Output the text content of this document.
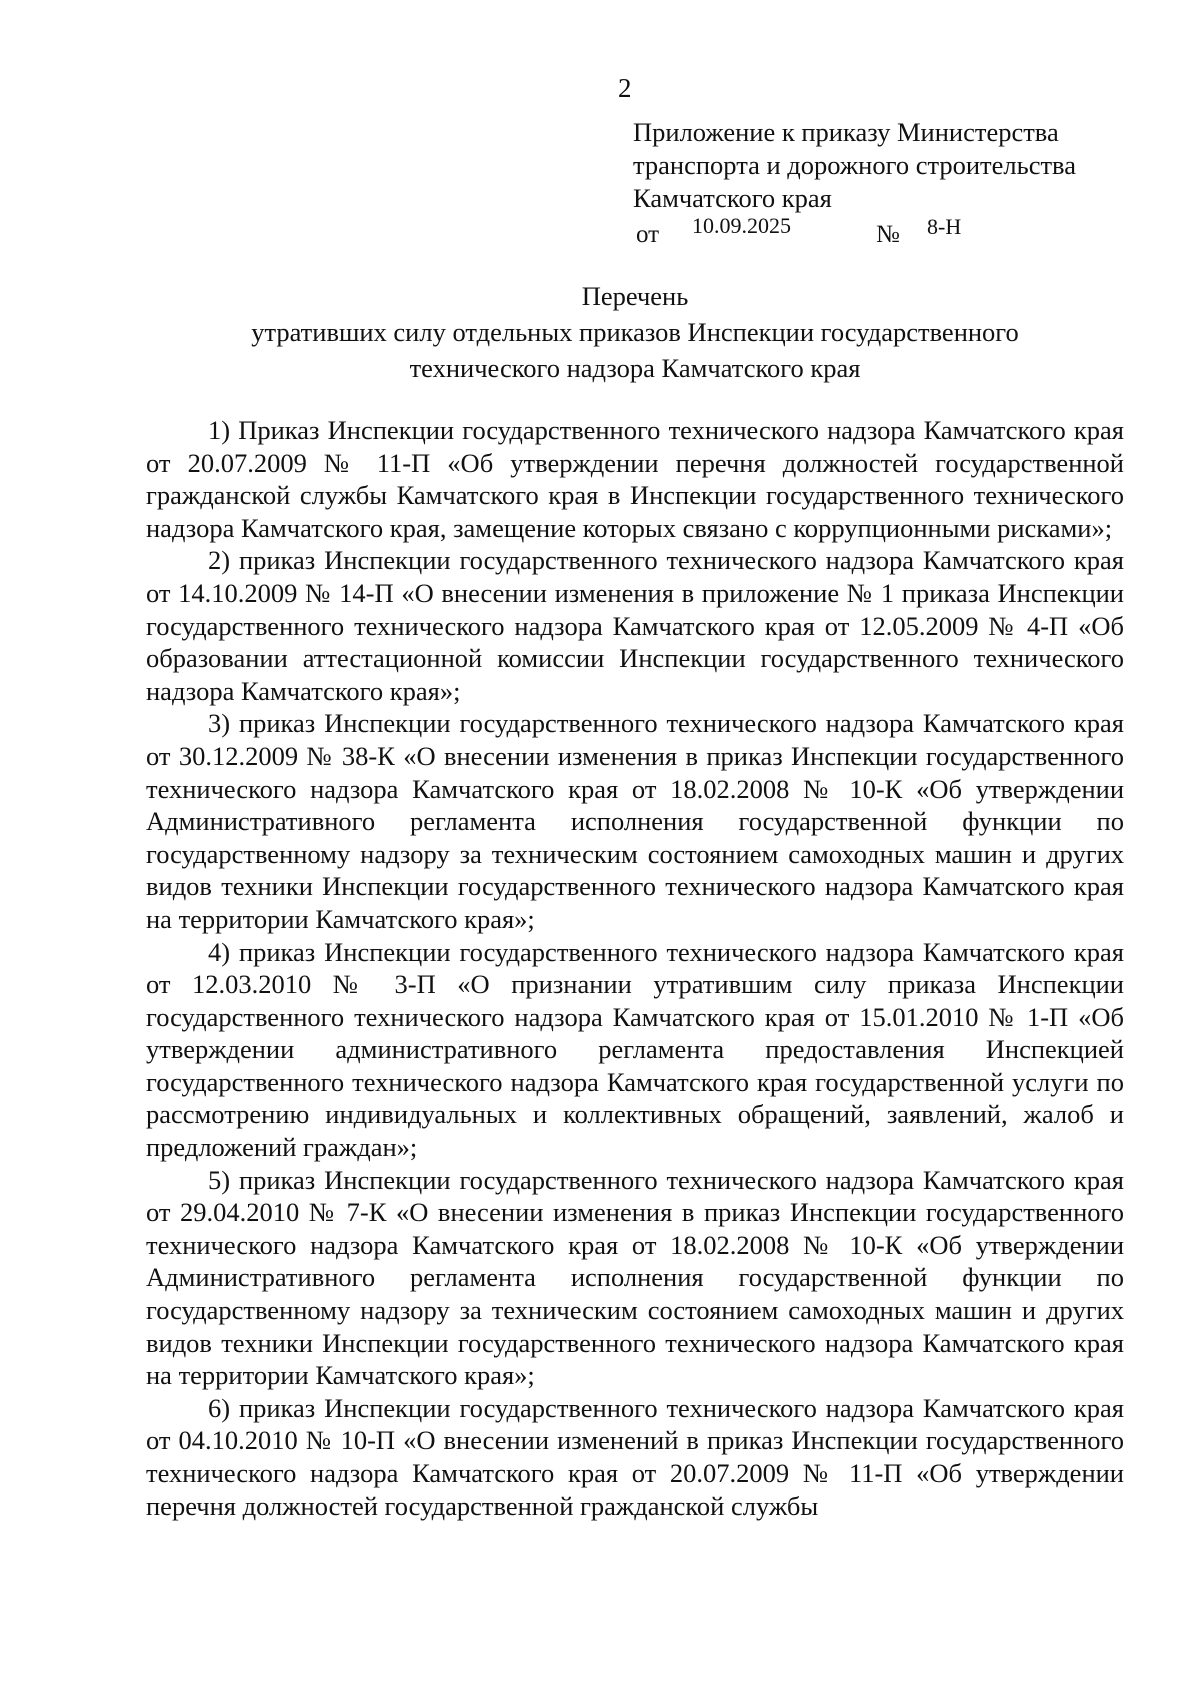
2
Приложение к приказу Министерства
транспорта и дорожного строительства
Камчатского края
от 10.09.2025	№ 8-Н
Перечень
утративших силу отдельных приказов Инспекции государственного
технического надзора Камчатского края

1) Приказ Инспекции государственного технического надзора Камчатского края от 20.07.2009 № 11-П «Об утверждении перечня должностей государственной гражданской службы Камчатского края в Инспекции государственного технического надзора Камчатского края, замещение которых связано с коррупционными рисками»;

2) приказ Инспекции государственного технического надзора Камчатского края от 14.10.2009 № 14-П «О внесении изменения в приложение № 1 приказа Инспекции государственного технического надзора Камчатского края от 12.05.2009 № 4-П «Об образовании аттестационной комиссии Инспекции государственного технического надзора Камчатского края»;

3) приказ Инспекции государственного технического надзора Камчатского края от 30.12.2009 № 38-К «О внесении изменения в приказ Инспекции государственного технического надзора Камчатского края от 18.02.2008 № 10-К «Об утверждении Административного регламента исполнения государственной функции по государственному надзору за техническим состоянием самоходных машин и других видов техники Инспекции государственного технического надзора Камчатского края на территории Камчатского края»;

4) приказ Инспекции государственного технического надзора Камчатского края от 12.03.2010 № 3-П «О признании утратившим силу приказа Инспекции государственного технического надзора Камчатского края от 15.01.2010 № 1-П «Об утверждении административного регламента предоставления Инспекцией государственного технического надзора Камчатского края государственной услуги по рассмотрению индивидуальных и коллективных обращений, заявлений, жалоб и предложений граждан»;

5) приказ Инспекции государственного технического надзора Камчатского края от 29.04.2010 № 7-К «О внесении изменения в приказ Инспекции государственного технического надзора Камчатского края от 18.02.2008 № 10-К «Об утверждении Административного регламента исполнения государственной функции по государственному надзору за техническим состоянием самоходных машин и других видов техники Инспекции государственного технического надзора Камчатского края на территории Камчатского края»;

6) приказ Инспекции государственного технического надзора Камчатского края от 04.10.2010 № 10-П «О внесении изменений в приказ Инспекции государственного технического надзора Камчатского края от 20.07.2009 № 11-П «Об утверждении перечня должностей государственной гражданской службы
